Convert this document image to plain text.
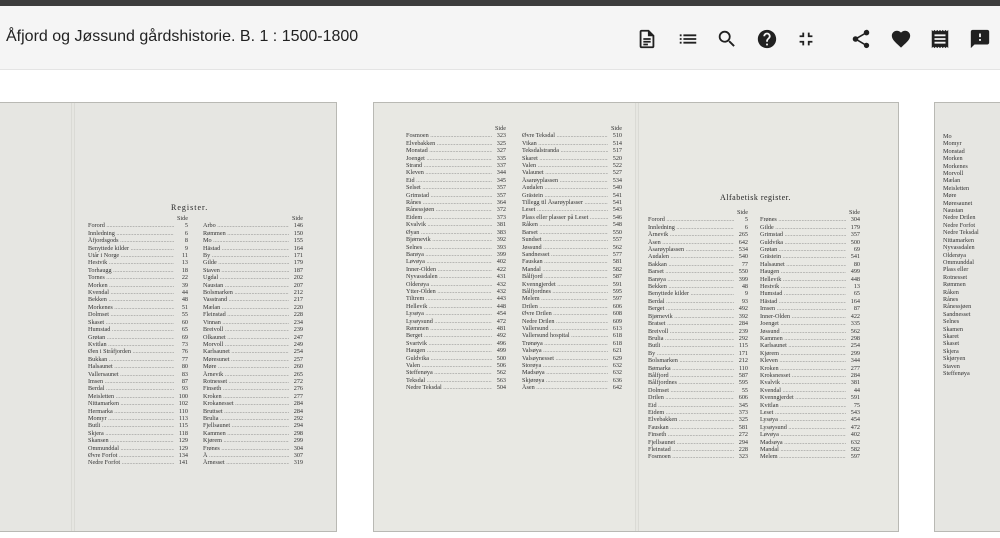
Åfjord og Jøssund gårdshistorie. B. 1 : 1500-1800
Register.
Side
Forord .....	5
Innledning .....	6
Åfjordsgods .....	8
Benyttede kilder .....	9
Utår i Norge .....	11
Hestvik .....	13
Torhaugg .....	18
Tornes .....	22
Morken .....	39
Kvendal .....	44
Bekken .....	48
Morkenes .....	51
Dolmset .....	55
Skaset .....	60
Humstad .....	65
Grøtan .....	69
Kvitlan .....	73
Øen i Stråfjorden .....	76
Bukkan .....	77
Halsaunet .....	80
Vallersaunet .....	83
Imsen .....	87
Berdal .....	93
Meisletten .....	100
Nittamarken .....	102
Hermarka .....	110
Momyr .....	113
Butli .....	115
Skjera .....	118
Skansen .....	129
Ommunddal .....	129
Øvre Forfot .....	134
Nedre Forfot .....	141
Side
Arbo .....	146
Rømmen .....	150
Mo .....	155
Hästad .....	164
By .....	171
Gilde .....	179
Staven .....	187
Ugdal .....	202
Naustan .....	207
Bolsmarken .....	212
Vasstrand .....	217
Mælan .....	220
Fleinstad .....	228
Vinnan .....	234
Breivoll .....	239
Olkaunet .....	247
Morvoll .....	249
Karlsaunet .....	254
Møresunet .....	257
Møre .....	260
Årnevik .....	265
Rotnesset .....	272
Finseth .....	276
Kroken .....	277
Krokanesset .....	284
Bruttset .....	284
Brulia .....	292
Fjellsaunet .....	294
Kammen .....	298
Kjørem .....	299
Frønes .....	304
Å .....	307
Årnesset .....	319
Side
Fosmoen .....	323
Elvebakken .....	325
Monstad .....	327
Joenget .....	335
Strand .....	337
Kleven .....	344
Eid .....	345
Selset .....	357
Grimstad .....	357
Rånes .....	364
Rånessjøen .....	372
Eidem .....	373
Kvalvik .....	381
Øyan .....	383
Bjørnevik .....	392
Selnes .....	393
Barøya .....	399
Løvøya .....	402
Inner-Olden .....	422
Nyvassdalen .....	431
Olderøya .....	432
Ytter-Olden .....	432
Tiltrem .....	443
Hellevik .....	448
Lysøya .....	454
Lysøysund .....	472
Rømmen .....	481
Berget .....	492
Svartvik .....	496
Haugen .....	499
Guldvika .....	500
Valen .....	506
Steffenøya .....	562
Teksdal .....	563
Nedre Teksdal .....	504
Side
Øvre Teksdal .....	510
Vikan .....	514
Teksdalstranda .....	517
Skaret .....	520
Valen .....	522
Valaunet .....	527
Åsarøyplassen .....	534
Audalen .....	540
Grästein .....	541
Tillegg til Åsarøyplasser .....	541
Leset .....	543
Plass eller plasser på Leset .....	546
Råken .....	548
Barset .....	550
Sundset .....	557
Jøssund .....	562
Sandnesset .....	577
Fauskan .....	581
Mandal .....	582
Bålfjord .....	587
Kvenngjerdet .....	591
Bålfjordnes .....	595
Melem .....	597
Drilen .....	606
Øvre Drilen .....	608
Nedre Drilen .....	609
Vallersund .....	613
Vallersund hospital .....	618
Trønøya .....	618
Valsøya .....	621
Valsøynesset .....	629
Storøya .....	632
Madsøya .....	632
Skjørøya .....	636
Åsen .....	642
Alfabetisk register.
Side
Forord .....	5
Innledning .....	6
Årnevik .....	265
Åsen .....	642
Åsarøyplassen .....	534
Audalen .....	540
Bakkan .....	77
Barset .....	550
Barøya .....	399
Bekken .....	48
Benyttede kilder .....	9
Berdal .....	93
Berget .....	492
Bjørnevik .....	392
Bratset .....	284
Breivoll .....	239
Brulia .....	292
Butli .....	115
By .....	171
Bolsmarken .....	212
Bømarka .....	110
Bålfjord .....	587
Bålfjordnes .....	595
Dolmset .....	55
Drilen .....	606
Eid .....	345
Eidem .....	373
Elvebakken .....	325
Fauskan .....	581
Finseth .....	272
Fjellsaunet .....	294
Fleinstad .....	228
Fosmoen .....	323
Side
Frønes .....	304
Gilde .....	179
Grimstad .....	357
Guldvika .....	500
Grøtan .....	69
Grästein .....	541
Halsaunet .....	80
Haugen .....	499
Hellevik .....	448
Hestvik .....	13
Humstad .....	65
Hästad .....	164
Imsen .....	87
Inner-Olden .....	422
Joenget .....	335
Jøssund .....	562
Kammen .....	298
Karlsaunet .....	254
Kjørem .....	299
Kleven .....	344
Kroken .....	277
Kroksnesset .....	284
Kvalvik .....	381
Kvendal .....	44
Kvenngjerdet .....	591
Kvitlan .....	75
Leset .....	543
Lysøya .....	454
Lysøysund .....	472
Løvøya .....	402
Madsøya .....	632
Mandal .....	582
Melem .....	597
Mo
Momyr
Monstad
Morken
Morkenes
Morvoll
Mælan
Meisletten
Møre
Møresaunet
Naustan
Nedre Drilen
Nedre Forfot
Nedre Teksdal
Nittamarken
Nyvassdalen
Olderøya
Ommunddal
Plass eller
Rotnesset
Rømmen
Råken
Rånes
Rånessjøen
Sandnesset
Selnes
Skamen
Skaret
Skaset
Skjera
Skjøryen
Staven
Steffenøya
